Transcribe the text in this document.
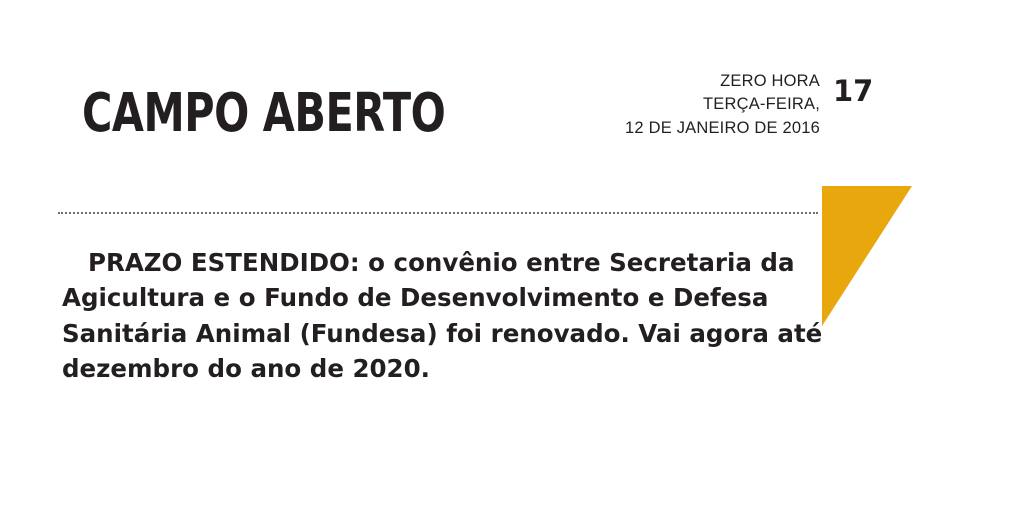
CAMPO ABERTO
ZERO HORA
TERÇA-FEIRA,
12 DE JANEIRO DE 2016
17
PRAZO ESTENDIDO: o convênio entre Secretaria da Agicultura e o Fundo de Desenvolvimento e Defesa Sanitária Animal (Fundesa) foi renovado. Vai agora até dezembro do ano de 2020.
